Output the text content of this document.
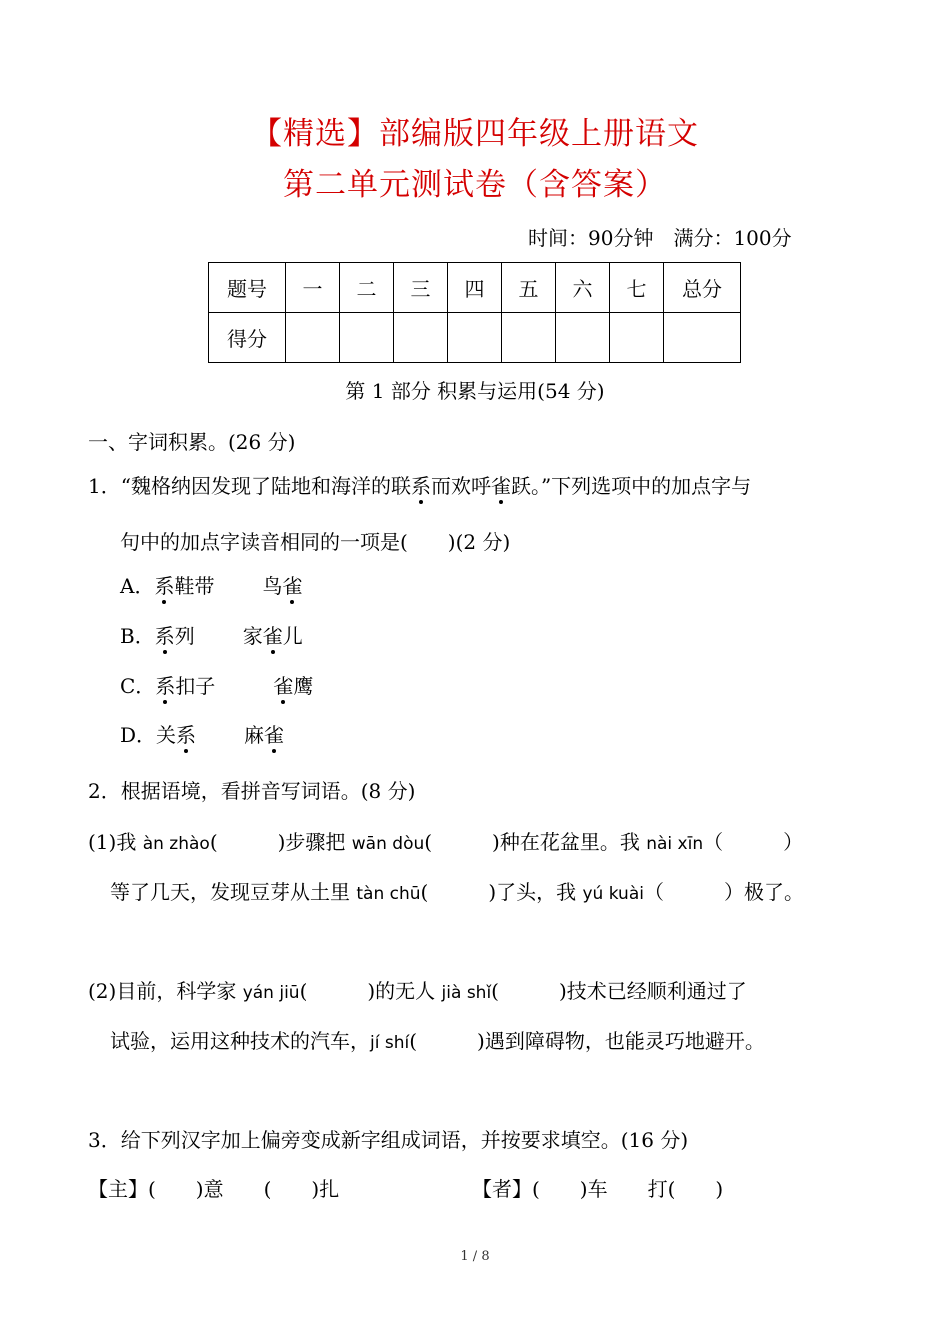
【精选】部编版四年级上册语文
第二单元测试卷（含答案）
时间：90分钟　满分：100分
题号	一	二	三	四	五	六	七	总分
得分								
第 1 部分 积累与运用(54 分)
一、字词积累。(26 分)
1．“魏格纳因发现了陆地和海洋的联系而欢呼雀跃。”下列选项中的加点字与
句中的加点字读音相同的一项是(　　)(2 分)
A．系鞋带 鸟雀
B．系列 家雀儿
C．系扣子	雀鹰
D．关系 麻雀
2．根据语境，看拼音写词语。(8 分)
(1)我 àn zhào(　　　)步骤把 wān dòu(　　　)种在花盆里。我 nài xīn（　　　）
等了几天，发现豆芽从土里 tàn chū(　　　)了头，我 yú kuài（　　　）极了。
(2)目前，科学家 yán jiū(　　　)的无人 jià shǐ(　　　)技术已经顺利通过了
试验，运用这种技术的汽车，jí shí(　　　)遇到障碍物，也能灵巧地避开。
3．给下列汉字加上偏旁变成新字组成词语，并按要求填空。(16 分)
【主】(　　)意　　(　　)扎	【者】(　　)车　　打(　　)
1 / 8
